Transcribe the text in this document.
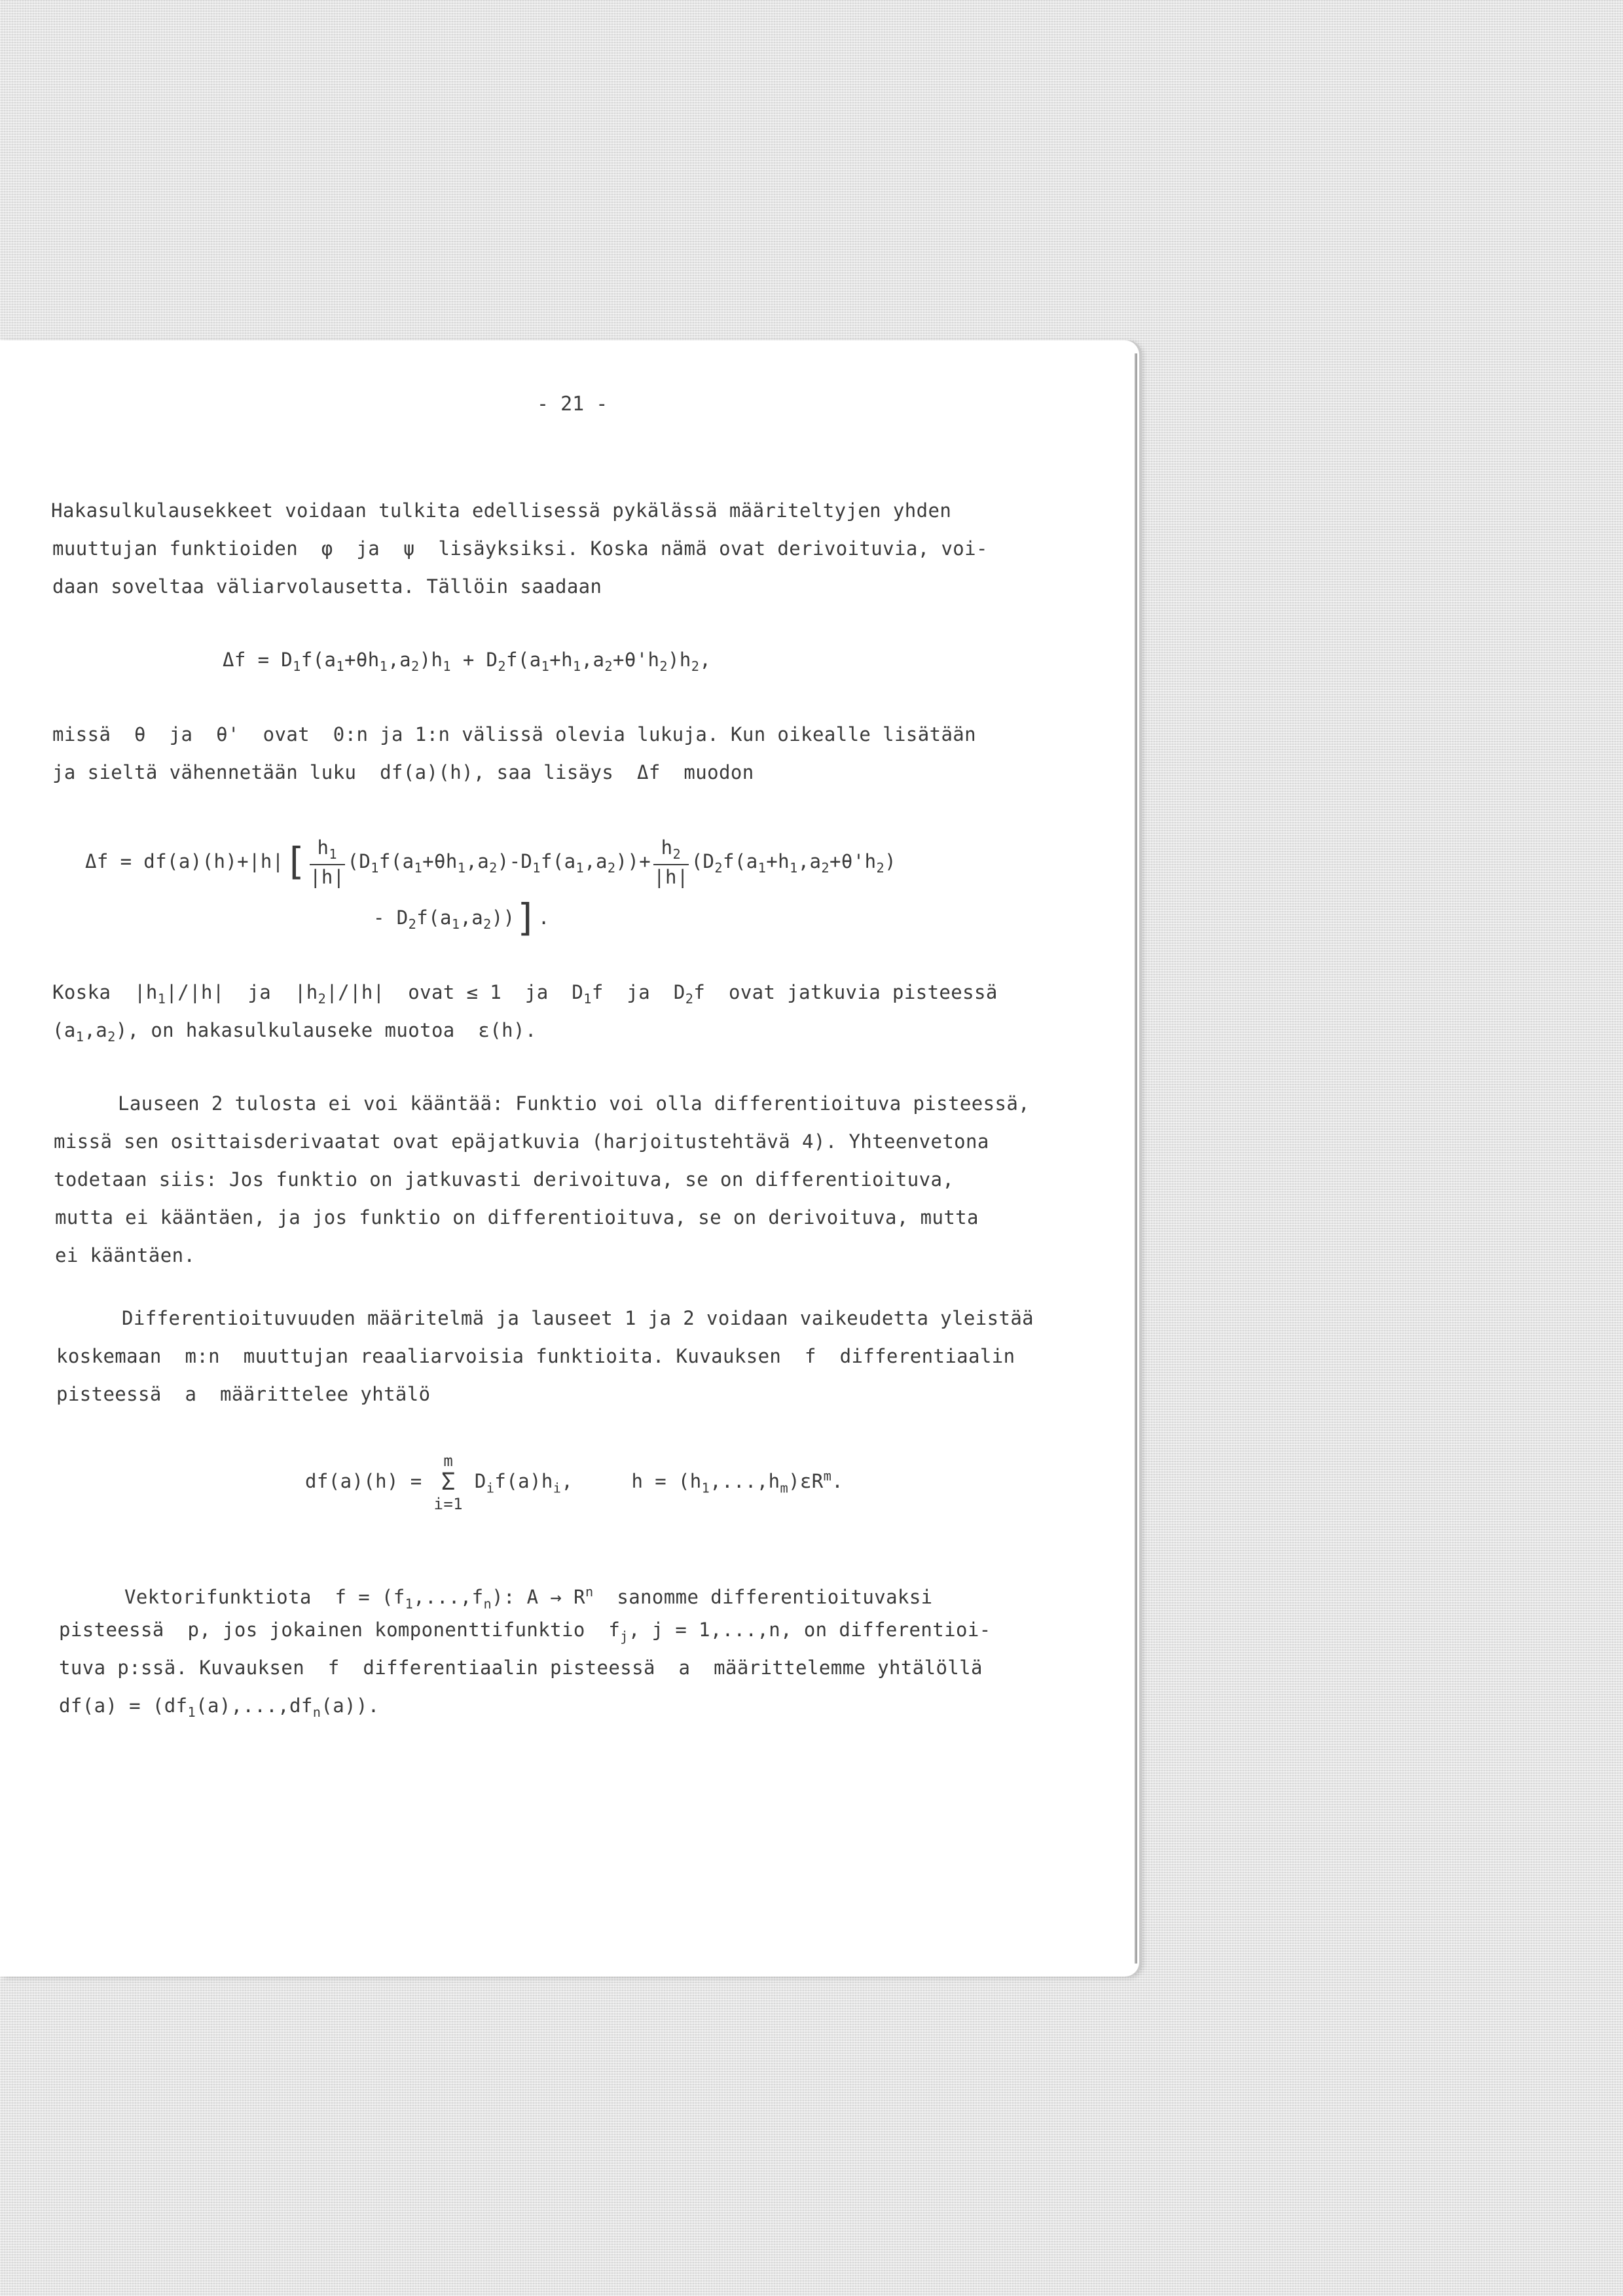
- 21 -
Hakasulkulausekkeet voidaan tulkita edellisessä pykälässä määriteltyjen yhden
muuttujan funktioiden φ ja ψ lisäyksiksi. Koska nämä ovat derivoituvia, voi-
daan soveltaa väliarvolausetta. Tällöin saadaan
$\Delta f = D_1f(a_1+\theta h_1,a_2)h_1 + D_2f(a_1+h_1,a_2+\theta'h_2)h_2$,
missä θ ja θ' ovat  0:n ja 1:n välissä olevia lukuja. Kun oikealle lisätään
ja sieltä vähennetään luku  df(a)(h), saa lisäys  Δf  muodon
$\Delta f = df(a)(h)+|h|[ \frac{h_1}{|h|} (D_1f(a_1+\theta h_1,a_2)-D_1f(a_1,a_2))+ \frac{h_2}{|h|} (D_2f(a_1+h_1,a_2+\theta'h_2)$
- $D_2f(a_1,a_2)$)].
Koska  $|h_1|/|h|$  ja  $|h_2|/|h|$  ovat ≤ 1  ja  $D_1f$  ja  $D_2f$  ovat jatkuvia pisteessä
$(a_1,a_2)$, on hakasulkulauseke muotoa  ε(h).
Lauseen 2 tulosta ei voi kääntää: Funktio voi olla differentioituva pisteessä,
missä sen osittaisderivaatat ovat epäjatkuvia (harjoitustehtävä 4). Yhteenvetona
todetaan siis: Jos funktio on jatkuvasti derivoituva, se on differentioituva,
mutta ei kääntäen, ja jos funktio on differentioituva, se on derivoituva, mutta
ei kääntäen.
Differentioituvuuden määritelmä ja lauseet 1 ja 2 voidaan vaikeudetta yleistää
koskemaan  m:n  muuttujan reaaliarvoisia funktioita. Kuvauksen  f  differentiaalin
pisteessä  a  määrittelee yhtälö
df(a)(h) =
m
Σ
i=1
$D_if(a)h_i$,     $h = (h_1,...,h_m)\varepsilon R^m$.
Vektorifunktiota  $f = (f_1,...,f_n)$: $A \to R^n$ sanomme differentioituvaksi
pisteessä  p, jos jokainen komponenttifunktio  $f_j$, j = 1,...,n, on differentioi-
tuva p:ssä. Kuvauksen  f  differentiaalin pisteessä  a  määrittelemme yhtälöllä
$df(a) = (df_1(a),...,df_n(a))$.
